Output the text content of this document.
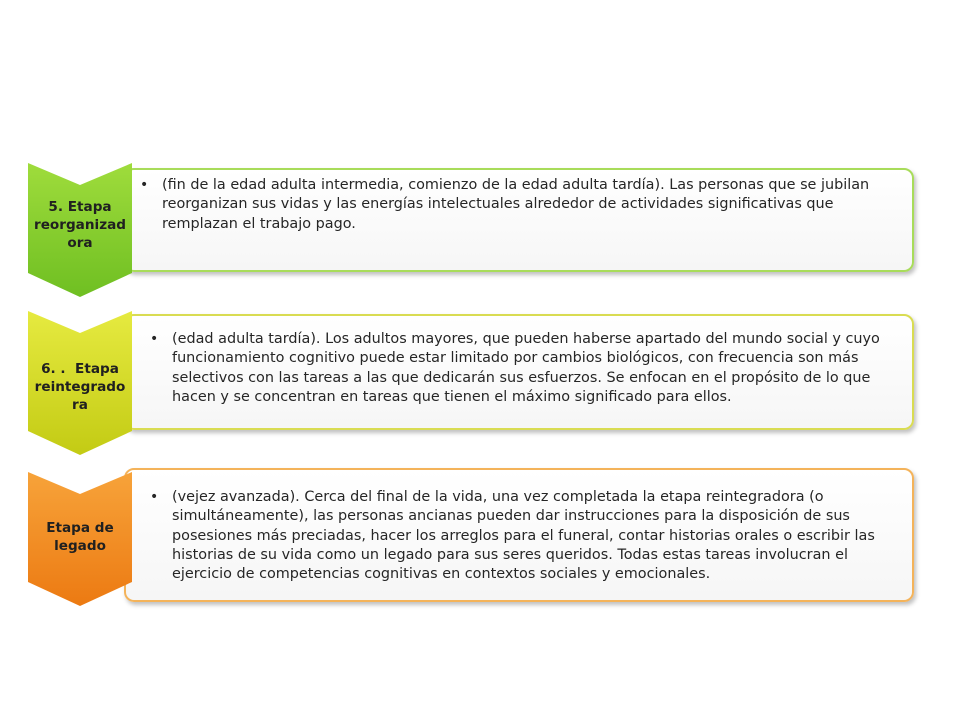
• (fin de la edad adulta intermedia, comienzo de la edad adulta tardía). Las personas que se jubilan reorganizan sus vidas y las energías intelectuales alrededor de actividades significativas que remplazan el trabajo pago.
5. Etapa
reorganizad
ora
• (edad adulta tardía). Los adultos mayores, que pueden haberse apartado del mundo social y cuyo funcionamiento cognitivo puede estar limitado por cambios biológicos, con frecuencia son más selectivos con las tareas a las que dedicarán sus esfuerzos. Se enfocan en el propósito de lo que hacen y se concentran en tareas que tienen el máximo significado para ellos.
6. .  Etapa
reintegrado
ra
• (vejez avanzada). Cerca del final de la vida, una vez completada la etapa reintegradora (o simultáneamente), las personas ancianas pueden dar instrucciones para la disposición de sus posesiones más preciadas, hacer los arreglos para el funeral, contar historias orales o escribir las historias de su vida como un legado para sus seres queridos. Todas estas tareas involucran el ejercicio de competencias cognitivas en contextos sociales y emocionales.
Etapa de
legado
